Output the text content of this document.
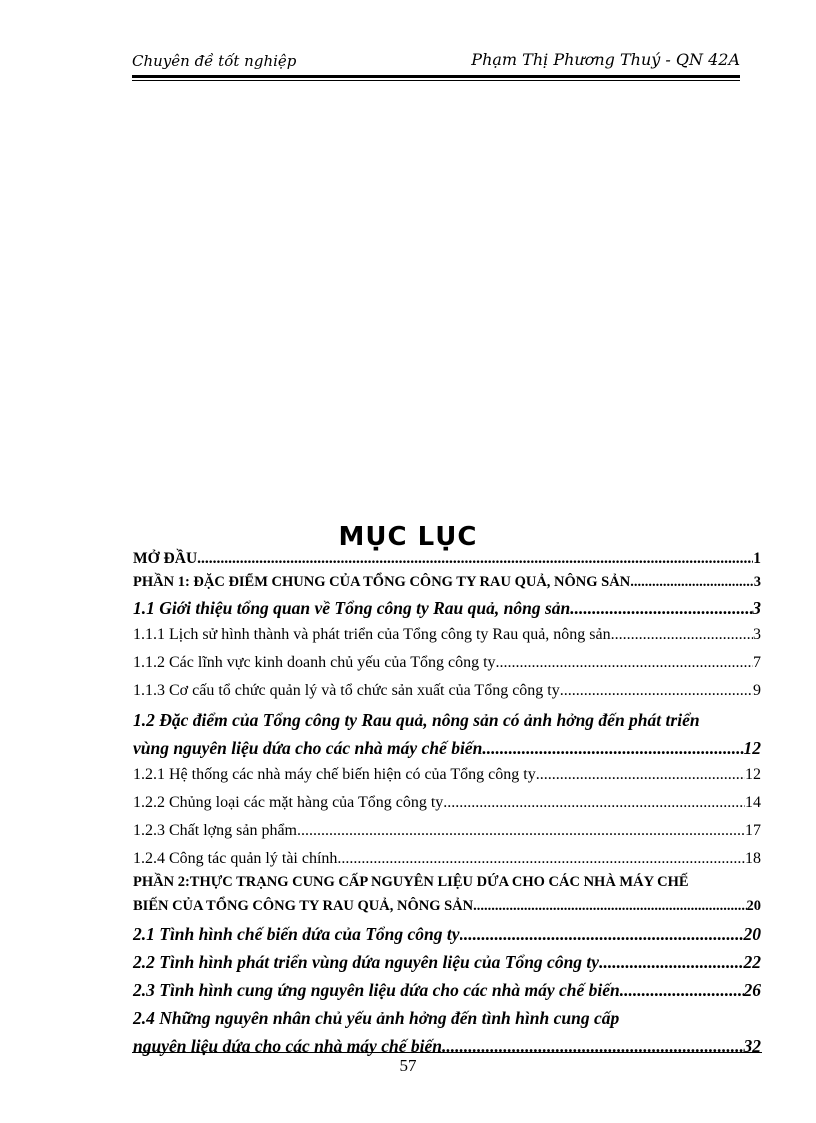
Chuyên đề tốt nghiệp	Phạm Thị Phương Thuý - QN 42A
MỤC LỤC
MỞ ĐẦU .....	1
PHẦN 1: ĐẶC ĐIỂM CHUNG CỦA TỔNG CÔNG TY RAU QUẢ, NÔNG SẢN .....	3
1.1 Giới thiệu tổng quan về Tổng công ty Rau quả, nông sản .....	3
1.1.1 Lịch sử hình thành và phát triển của Tổng công ty Rau quả, nông sản .....	3
1.1.2 Các lĩnh vực kinh doanh chủ yếu của Tổng công ty .....	7
1.1.3 Cơ cấu tổ chức quản lý và tổ chức sản xuất của Tổng công ty .....	9
1.2 Đặc điểm của Tổng công ty Rau quả, nông sản có ảnh hởng đến phát triển
vùng nguyên liệu dứa cho các nhà máy chế biến .....	12
1.2.1 Hệ thống các nhà máy chế biến hiện có của Tổng công ty .....	12
1.2.2 Chủng loại các mặt hàng của Tổng công ty .....	14
1.2.3 Chất lợng sản phẩm .....	17
1.2.4 Công tác quản lý tài chính. .....	18
PHẦN 2:THỰC TRẠNG CUNG CẤP NGUYÊN LIỆU DỨA CHO CÁC NHÀ MÁY CHẾ
BIẾN CỦA TỔNG CÔNG TY RAU QUẢ, NÔNG SẢN .....	20
2.1 Tình hình chế biến dứa của Tổng công ty .....	20
2.2 Tình hình phát triển vùng dứa nguyên liệu của Tổng công ty .....	22
2.3 Tình hình cung ứng nguyên liệu dứa cho các nhà máy chế biến .....	26
2.4 Những nguyên nhân chủ yếu ảnh hởng đến tình hình cung cấp
nguyên liệu dứa cho các nhà máy chế biến. .....	32
57
